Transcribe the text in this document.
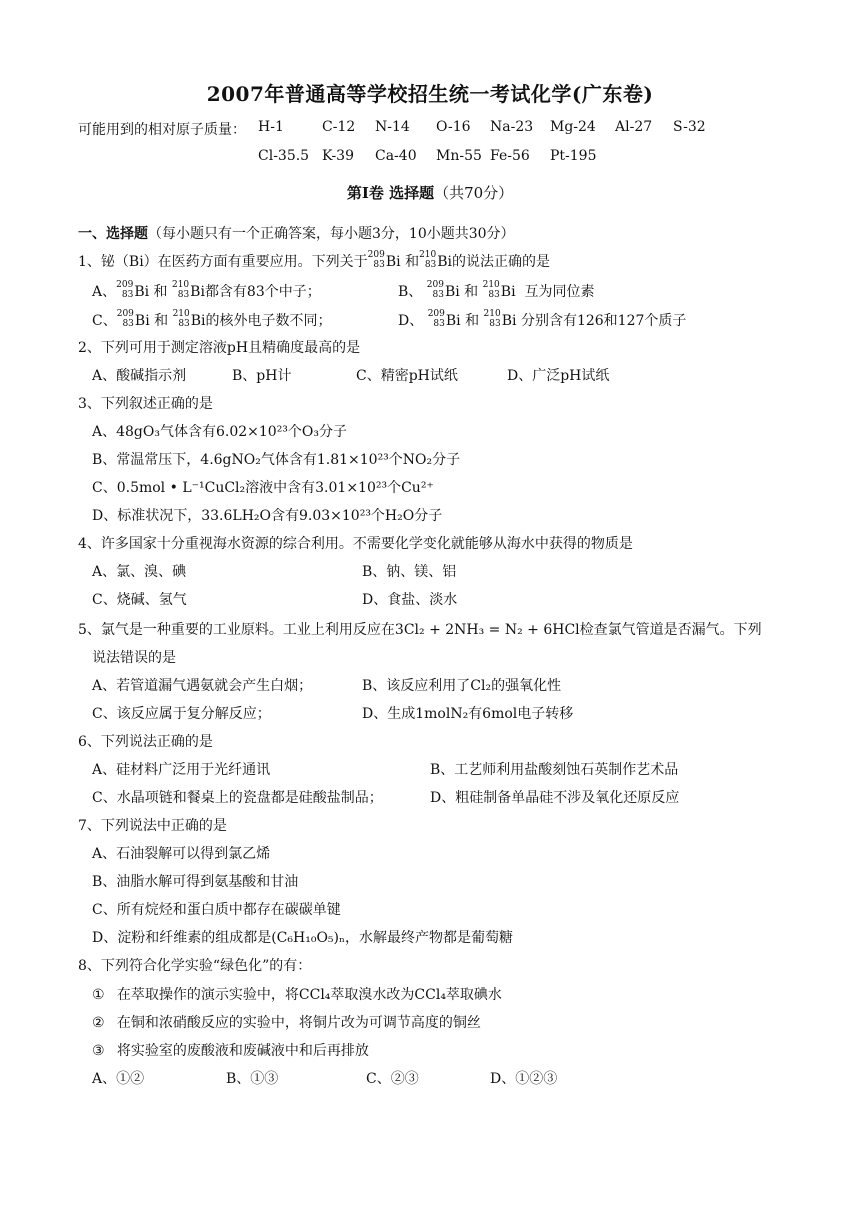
2007年普通高等学校招生统一考试化学(广东卷)
可能用到的相对原子质量： H-1	C-12 N-14 O-16 Na-23 Mg-24 Al-27 S-32
Cl-35.5 K-39 Ca-40 Mn-55 Fe-56 Pt-195
第Ⅰ卷 选择题（共70分）
一、选择题（每小题只有一个正确答案，每小题3分，10小题共30分）
1、铋（Bi）在医药方面有重要应用。下列关于 209
83 Bi 和 210
83 Bi的说法正确的是
A、 209
83 Bi 和 210
83 Bi都含有83个中子；	B、 209
83 Bi 和 210
83 Bi 互为同位素
C、 209
83 Bi 和 210
83 Bi的核外电子数不同；	D、 209
83 Bi 和 210
83 Bi 分别含有126和127个质子
2、下列可用于测定溶液pH且精确度最高的是
A、酸碱指示剂	B、pH计	C、精密pH试纸	D、广泛pH试纸
3、下列叙述正确的是
A、48gO₃气体含有6.02×10²³个O₃分子
B、常温常压下，4.6gNO₂气体含有1.81×10²³个NO₂分子
C、0.5mol • L⁻¹CuCl₂溶液中含有3.01×10²³个Cu²⁺
D、标准状况下，33.6LH₂O含有9.03×10²³个H₂O分子
4、许多国家十分重视海水资源的综合利用。不需要化学变化就能够从海水中获得的物质是
A、氯、溴、碘	B、钠、镁、铝
C、烧碱、氢气	D、食盐、淡水
5、氯气是一种重要的工业原料。工业上利用反应在3Cl₂ + 2NH₃ = N₂ + 6HCl检查氯气管道是否漏气。下列
说法错误的是
A、若管道漏气遇氨就会产生白烟；	B、该反应利用了Cl₂的强氧化性
C、该反应属于复分解反应；	D、生成1molN₂有6mol电子转移
6、下列说法正确的是
A、硅材料广泛用于光纤通讯	B、工艺师利用盐酸刻蚀石英制作艺术品
C、水晶项链和餐桌上的瓷盘都是硅酸盐制品；	D、粗硅制备单晶硅不涉及氧化还原反应
7、下列说法中正确的是
A、石油裂解可以得到氯乙烯
B、油脂水解可得到氨基酸和甘油
C、所有烷烃和蛋白质中都存在碳碳单键
D、淀粉和纤维素的组成都是(C₆H₁₀O₅)ₙ，水解最终产物都是葡萄糖
8、下列符合化学实验“绿色化”的有：
① 在萃取操作的演示实验中，将CCl₄萃取溴水改为CCl₄萃取碘水
② 在铜和浓硝酸反应的实验中，将铜片改为可调节高度的铜丝
③ 将实验室的废酸液和废碱液中和后再排放
A、①②	B、①③	C、②③	D、①②③
